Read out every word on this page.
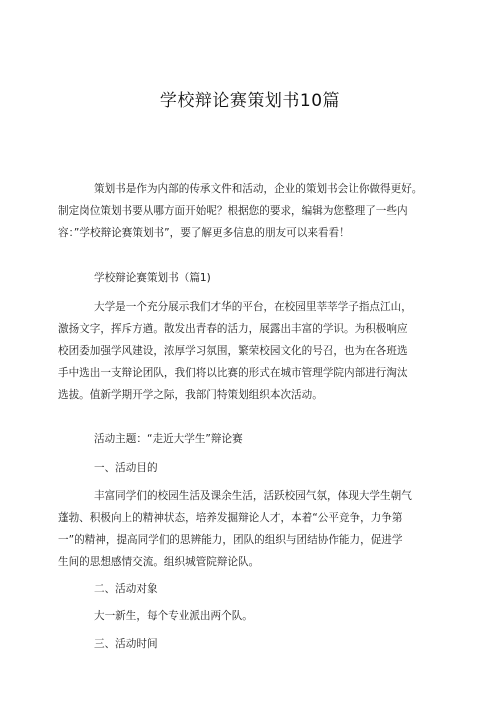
学校辩论赛策划书10篇
策划书是作为内部的传承文件和活动，企业的策划书会让你做得更好。
制定岗位策划书要从哪方面开始呢？根据您的要求，编辑为您整理了一些内
容：”学校辩论赛策划书”，要了解更多信息的朋友可以来看看！
学校辩论赛策划书（篇1)
大学是一个充分展示我们才华的平台，在校园里莘莘学子指点江山，
激扬文字，挥斥方遒。散发出青春的活力，展露出丰富的学识。为积极响应
校团委加强学风建设，浓厚学习氛围，繁荣校园文化的号召，也为在各班选
手中选出一支辩论团队，我们将以比赛的形式在城市管理学院内部进行淘汰
选拔。值新学期开学之际，我部门特策划组织本次活动。
活动主题：“走近大学生”辩论赛
一、活动目的
丰富同学们的校园生活及课余生活，活跃校园气氛，体现大学生朝气
蓬勃、积极向上的精神状态，培养发掘辩论人才，本着“公平竞争，力争第
一”的精神，提高同学们的思辨能力，团队的组织与团结协作能力，促进学
生间的思想感情交流。组织城管院辩论队。
二、活动对象
大一新生，每个专业派出两个队。
三、活动时间
